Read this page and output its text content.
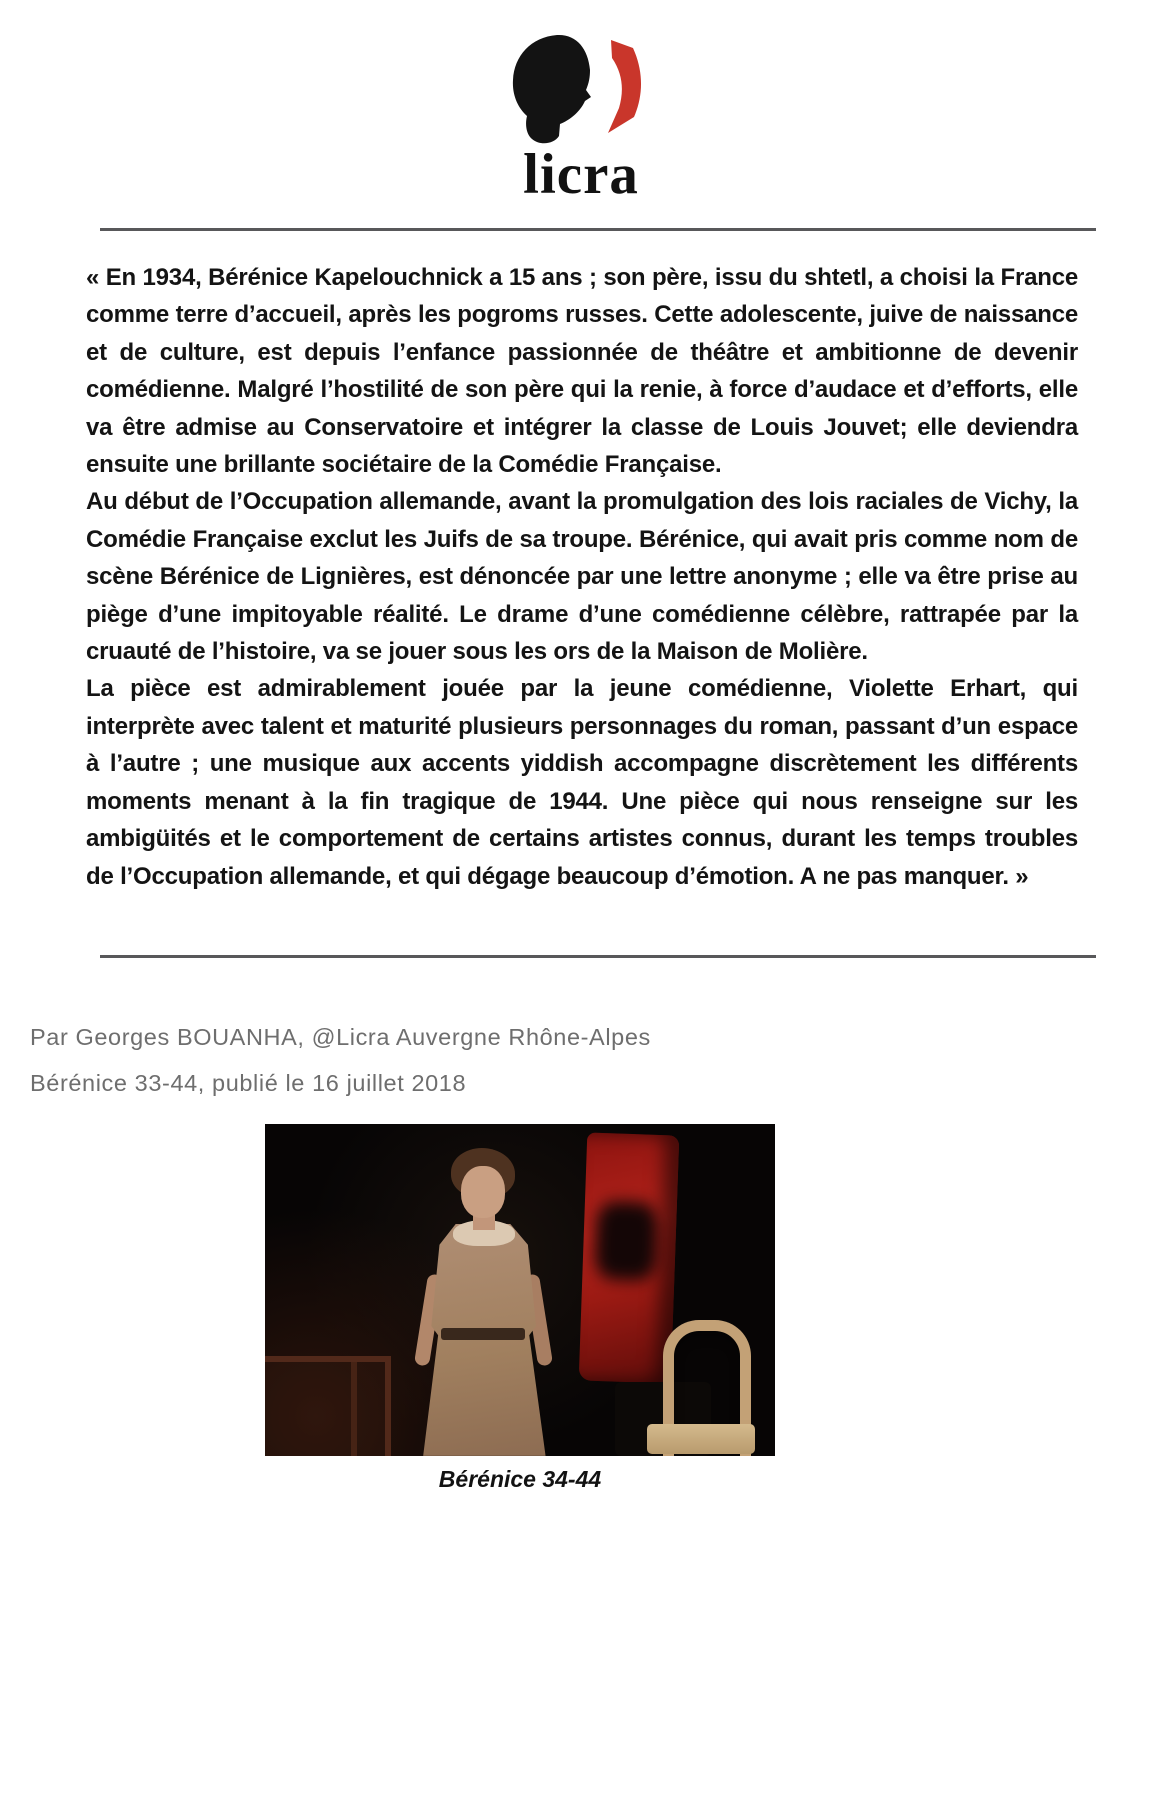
licra

« En 1934, Bérénice Kapelouchnick a 15 ans ; son père, issu du shtetl, a choisi la France comme terre d’accueil, après les pogroms russes. Cette adolescente, juive de naissance et de culture, est depuis l’enfance passionnée de théâtre et ambitionne de devenir comédienne. Malgré l’hostilité de son père qui la renie, à force d’audace et d’efforts, elle va être admise au Conservatoire et intégrer la classe de Louis Jouvet; elle deviendra ensuite une brillante sociétaire de la Comédie Française.

Au début de l’Occupation allemande, avant la promulgation des lois raciales de Vichy, la Comédie Française exclut les Juifs de sa troupe. Bérénice, qui avait pris comme nom de scène Bérénice de Lignières, est dénoncée par une lettre anonyme ; elle va être prise au piège d’une impitoyable réalité. Le drame d’une comédienne célèbre, rattrapée par la cruauté de l’histoire, va se jouer sous les ors de la Maison de Molière.

La pièce est admirablement jouée par la jeune comédienne, Violette Erhart, qui interprète avec talent et maturité plusieurs personnages du roman, passant d’un espace à l’autre ; une musique aux accents yiddish accompagne discrètement les différents moments menant à la fin tragique de 1944. Une pièce qui nous renseigne sur les ambigüités et le comportement de certains artistes connus, durant les temps troubles de l’Occupation allemande, et qui dégage beaucoup d’émotion. A ne pas manquer. »

Par Georges BOUANHA, @Licra Auvergne Rhône-Alpes
Bérénice 33-44, publié le 16 juillet 2018
Bérénice 34-44
